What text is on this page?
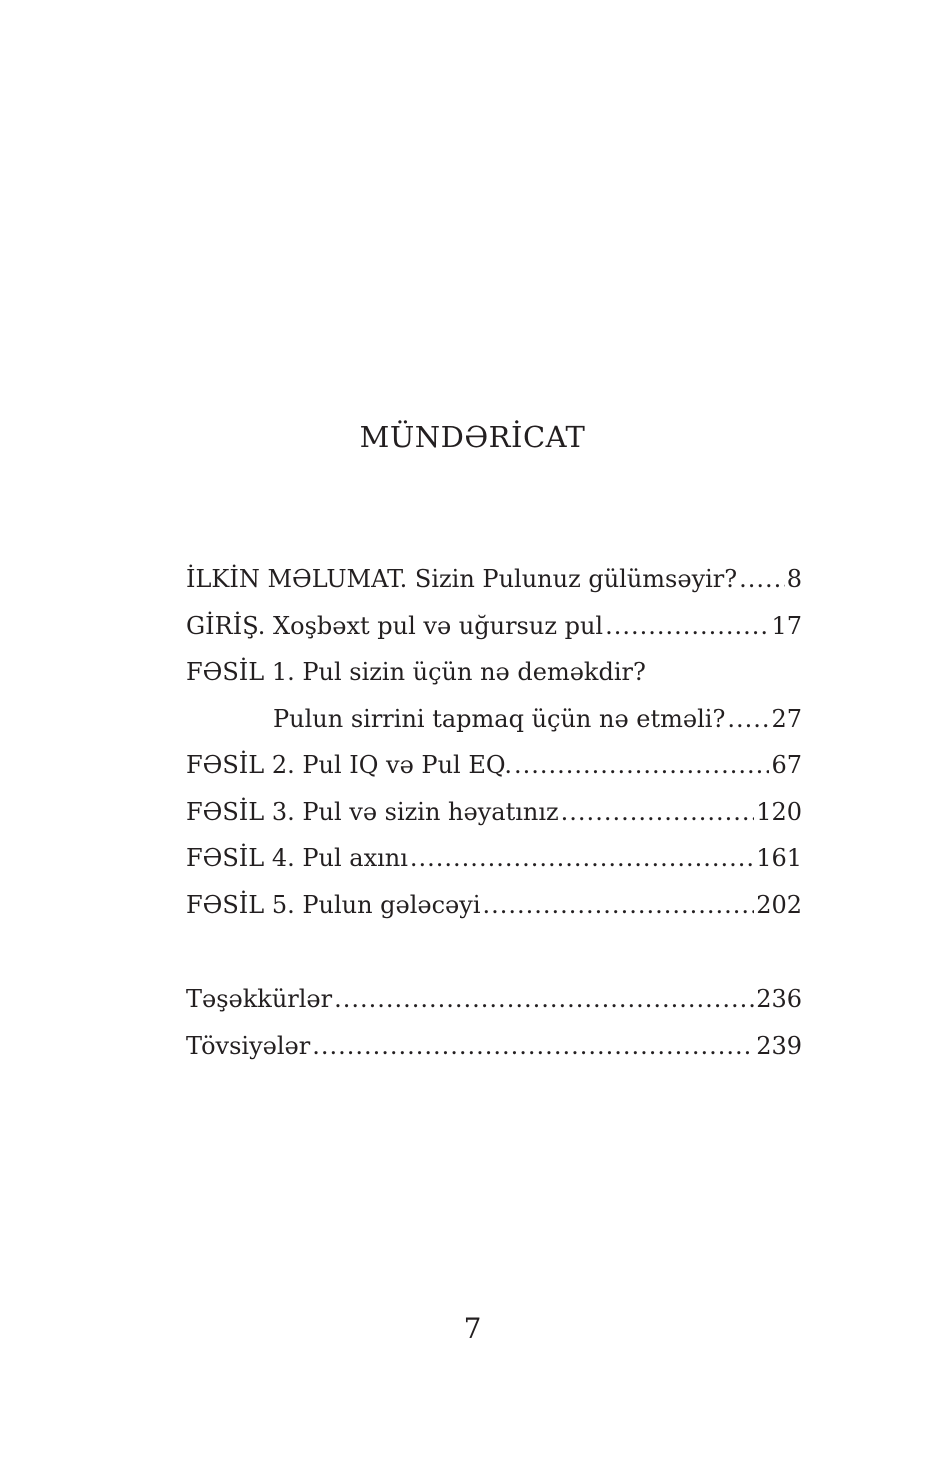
MÜNDƏRİCAT
İLKİN MƏLUMAT. Sizin Pulunuz gülümsəyir? ..... 8
GİRİŞ. Xoşbəxt pul və uğursuz pul .....	17
FƏSİL 1. Pul sizin üçün nə deməkdir?
Pulun sirrini tapmaq üçün nə etməli? ..... 27
FƏSİL 2. Pul IQ və Pul EQ. .....	67
FƏSİL 3. Pul və sizin həyatınız .....	120
FƏSİL 4. Pul axını .....	161
FƏSİL 5. Pulun gələcəyi .....	202
Təşəkkürlər .....	236
Tövsiyələr .....	239
7
